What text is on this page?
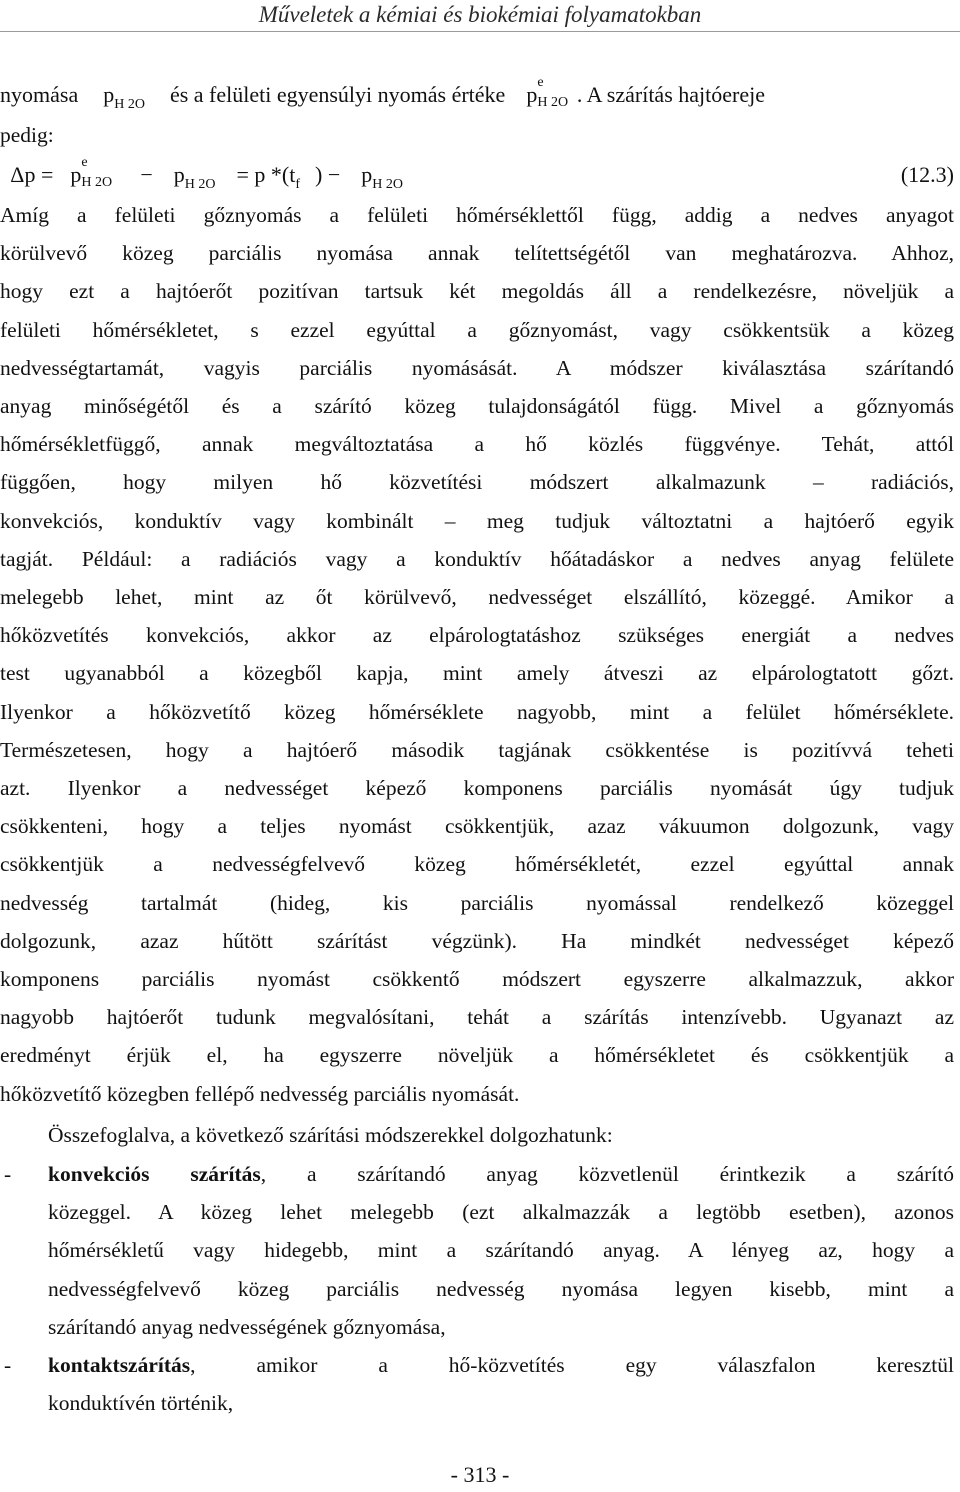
Műveletek a kémiai és biokémiai folyamatokban
nyomása $p_{H 2O}$ és a felületi egyensúlyi nyomás értéke p e
H 2O . A szárítás hajtóereje
pedig:
Δp = p e
H $2O - p_{H 2O} = p$ $*(t_f$ ) − $p_{H 2O}$	(12.3)
Amíg a felületi gőznyomás a felületi hőmérséklettől függ, addig a nedves anyagot
körülvevő közeg parciális nyomása annak telítettségétől van meghatározva. Ahhoz,
hogy ezt a hajtóerőt pozitívan tartsuk két megoldás áll a rendelkezésre, növeljük a
felületi hőmérsékletet, s ezzel egyúttal a gőznyomást, vagy csökkentsük a közeg
nedvességtartamát, vagyis parciális nyomásását. A módszer kiválasztása szárítandó
anyag minőségétől és a szárító közeg tulajdonságától függ. Mivel a gőznyomás
hőmérsékletfüggő, annak megváltoztatása a hő közlés függvénye. Tehát, attól
függően, hogy milyen hő közvetítési módszert alkalmazunk – radiációs,
konvekciós, konduktív vagy kombinált – meg tudjuk változtatni a hajtóerő egyik
tagját. Például: a radiációs vagy a konduktív hőátadáskor a nedves anyag felülete
melegebb lehet, mint az őt körülvevő, nedvességet elszállító, közeggé. Amikor a
hőközvetítés konvekciós, akkor az elpárologtatáshoz szükséges energiát a nedves
test ugyanabból a közegből kapja, mint amely átveszi az elpárologtatott gőzt.
Ilyenkor a hőközvetítő közeg hőmérséklete nagyobb, mint a felület hőmérséklete.
Természetesen, hogy a hajtóerő második tagjának csökkentése is pozitívvá teheti
azt. Ilyenkor a nedvességet képező komponens parciális nyomását úgy tudjuk
csökkenteni, hogy a teljes nyomást csökkentjük, azaz vákuumon dolgozunk, vagy
csökkentjük a nedvességfelvevő közeg hőmérsékletét, ezzel egyúttal annak
nedvesség tartalmát (hideg, kis parciális nyomással rendelkező közeggel
dolgozunk, azaz hűtött szárítást végzünk). Ha mindkét nedvességet képező
komponens parciális nyomást csökkentő módszert egyszerre alkalmazzuk, akkor
nagyobb hajtóerőt tudunk megvalósítani, tehát a szárítás intenzívebb. Ugyanazt az
eredményt érjük el, ha egyszerre növeljük a hőmérsékletet és csökkentjük a
hőközvetítő közegben fellépő nedvesség parciális nyomását.
Összefoglalva, a következő szárítási módszerekkel dolgozhatunk:
- konvekciós szárítás, a szárítandó anyag közvetlenül érintkezik a szárító
közeggel. A közeg lehet melegebb (ezt alkalmazzák a legtöbb esetben), azonos
hőmérsékletű vagy hidegebb, mint a szárítandó anyag. A lényeg az, hogy a
nedvességfelvevő közeg parciális nedvesség nyomása legyen kisebb, mint a
szárítandó anyag nedvességének gőznyomása,
- kontaktszárítás, amikor a hő-közvetítés egy válaszfalon keresztül
konduktívén történik,
- 313 -
